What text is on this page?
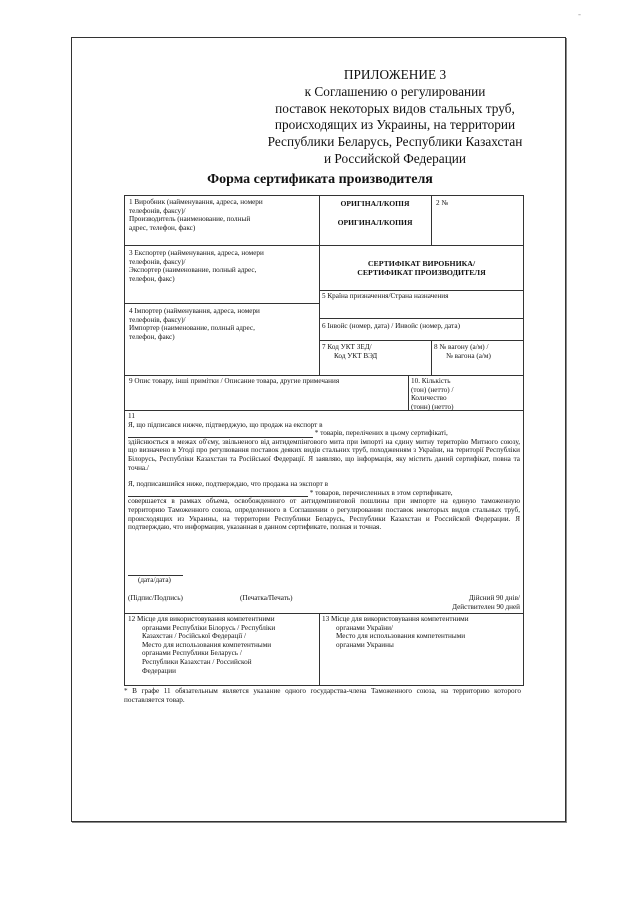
-
ПРИЛОЖЕНИЕ 3
к Соглашению о регулировании
поставок некоторых видов стальных труб,
происходящих из Украины, на территории
Республики Беларусь, Республики Казахстан
и Российской Федерации
Форма сертификата производителя
1 Виробник (найменування, адреса, номери
телефонів, факсу)/
Производитель (наименование, полный
адрес, телефон, факс)
ОРИГІНАЛ/КОПІЯ
ОРИГИНАЛ/КОПИЯ
2 №
3 Експортер (найменування, адреса, номери
телефонів, факсу)/
Экспортер (наименование, полный адрес,
телефон, факс)
СЕРТИФІКАТ ВИРОБНИКА/
СЕРТИФИКАТ ПРОИЗВОДИТЕЛЯ
5 Країна призначення/Страна назначения
4 Імпортер (найменування, адреса, номери
телефонів, факсу)/
Импортер (наименование, полный адрес,
телефон, факс)
6 Інвойс (номер, дата) / Инвойс (номер, дата)
7 Код УКТ ЗЕД/
Код УКТ ВЭД
8 № вагону (а/м) /
№ вагона (а/м)
9 Опис товару, інші примітки / Описание товара, другие примечания	10. Кількість
(тон) (нетто) /
Количество
(тонн) (нетто)
11
Я, що підписався нижче, підтверджую, що продаж на експорт в
* товарів, перелічених в цьому сертифікаті,
здійснюється в межах об'єму, звільненого від антидемпінгового мита при імпорті на єдину митну територію Митного союзу, що визначено в Угоді про регулювання поставок деяких видів стальних труб, походженням з України, на території Республіки Білорусь, Республіки Казахстан та Російської Федерації. Я заявляю, що інформація, яку містить даний сертифікат, повна та точна./
Я, подписавшийся ниже, подтверждаю, что продажа на экспорт в
* товаров, перечисленных в этом сертификате,
совершается в рамках объема, освобожденного от антидемпинговой пошлины при импорте на единую таможенную территорию Таможенного союза, определенного в Соглашении о регулировании поставок некоторых видов стальных труб, происходящих из Украины, на территории Республики Беларусь, Республики Казахстан и Российской Федерации. Я подтверждаю, что информация, указанная в данном сертификате, полная и точная.
(дата/дата)
(Підпис/Подпись)	(Печатка/Печать)	Дійсний 90 днів/
Действителен 90 дней
12 Місце для використовування компетентними
органами Республіки Білорусь / Республіки
Казахстан / Російської Федерації /
Место для использования компетентными
органами Республики Беларусь /
Республики Казахстан / Российской
Федерации
13 Місце для використовування компетентними
органами України/
Место для использования компетентными
органами Украины
* В графе 11 обязательным является указание одного государства-члена Таможенного союза, на территорию которого поставляется товар.
